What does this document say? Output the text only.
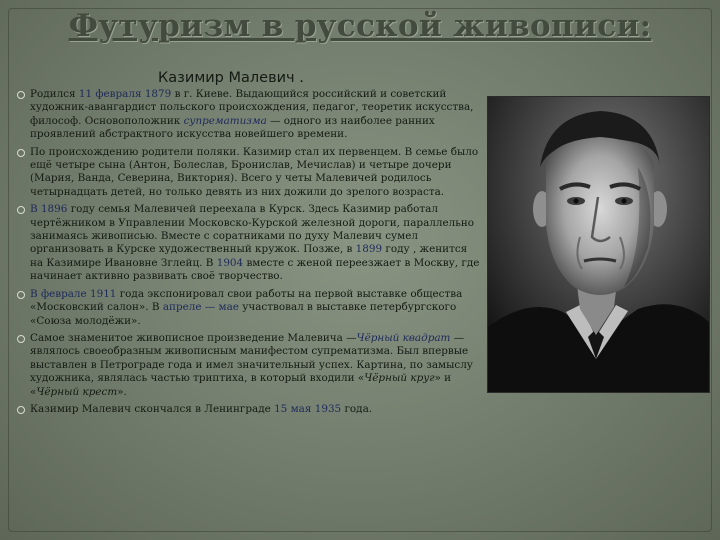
Футуризм в русской живописи:
Казимир Малевич .
Родился 11 февраля 1879 в г. Киеве. Выдающийся российский и советский художник-авангардист польского происхождения, педагог, теоретик искусства, философ. Основоположник супрематизма — одного из наиболее ранних проявлений абстрактного искусства новейшего времени.
По происхождению родители поляки. Казимир стал их первенцем. В семье было ещё четыре сына (Антон, Болеслав, Бронислав, Мечислав) и четыре дочери (Мария, Ванда, Северина, Виктория). Всего у четы Малевичей родилось четырнадцать детей, но только девять из них дожили до зрелого возраста.
В 1896 году семья Малевичей переехала в Курск. Здесь Казимир работал чертёжником в Управлении Московско-Курской железной дороги, параллельно занимаясь живописью. Вместе с соратниками по духу Малевич сумел организовать в Курске художественный кружок. Позже, в 1899 году , женится на Казимире Ивановне Зглейц. В 1904 вместе с женой переезжает в Москву, где начинает активно развивать своё творчество.
В феврале 1911 года экспонировал свои работы на первой выставке общества «Московский салон». В апреле — мае участвовал в выставке петербургского «Союза молодёжи».
Самое знаменитое живописное произведение Малевича —Чёрный квадрат — являлось своеобразным живописным манифестом супрематизма. Был впервые выставлен в Петрограде года и имел значительный успех. Картина, по замыслу художника, являлась частью триптиха, в который входили «Чёрный круг» и «Чёрный крест».
Казимир Малевич скончался в Ленинграде 15 мая 1935 года.
